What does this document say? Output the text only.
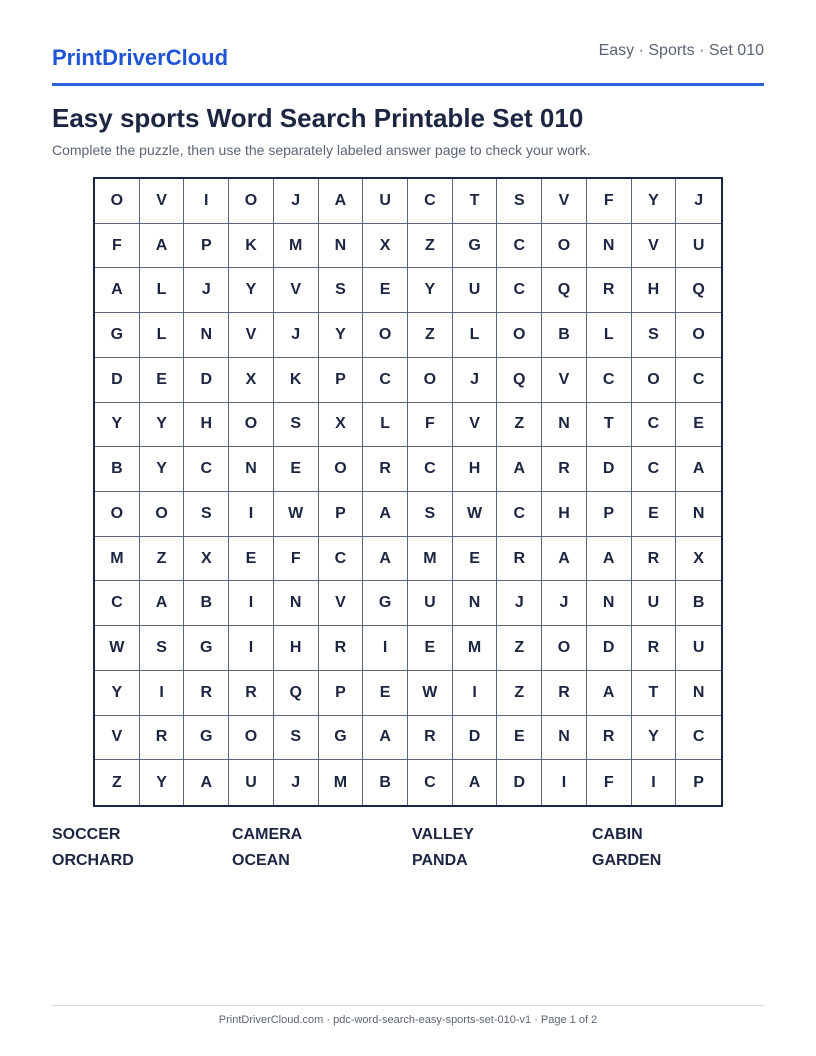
PrintDriverCloud	Easy · Sports · Set 010
Easy sports Word Search Printable Set 010
Complete the puzzle, then use the separately labeled answer page to check your work.
O	V	I	O	J	A	U	C	T	S	V	F	Y	J
F	A	P	K	M	N	X	Z	G	C	O	N	V	U
A	L	J	Y	V	S	E	Y	U	C	Q	R	H	Q
G	L	N	V	J	Y	O	Z	L	O	B	L	S	O
D	E	D	X	K	P	C	O	J	Q	V	C	O	C
Y	Y	H	O	S	X	L	F	V	Z	N	T	C	E
B	Y	C	N	E	O	R	C	H	A	R	D	C	A
O	O	S	I	W	P	A	S	W	C	H	P	E	N
M	Z	X	E	F	C	A	M	E	R	A	A	R	X
C	A	B	I	N	V	G	U	N	J	J	N	U	B
W	S	G	I	H	R	I	E	M	Z	O	D	R	U
Y	I	R	R	Q	P	E	W	I	Z	R	A	T	N
V	R	G	O	S	G	A	R	D	E	N	R	Y	C
Z	Y	A	U	J	M	B	C	A	D	I	F	I	P
SOCCER	CAMERA	VALLEY	CABIN
ORCHARD	OCEAN	PANDA	GARDEN
PrintDriverCloud.com · pdc-word-search-easy-sports-set-010-v1 · Page 1 of 2
